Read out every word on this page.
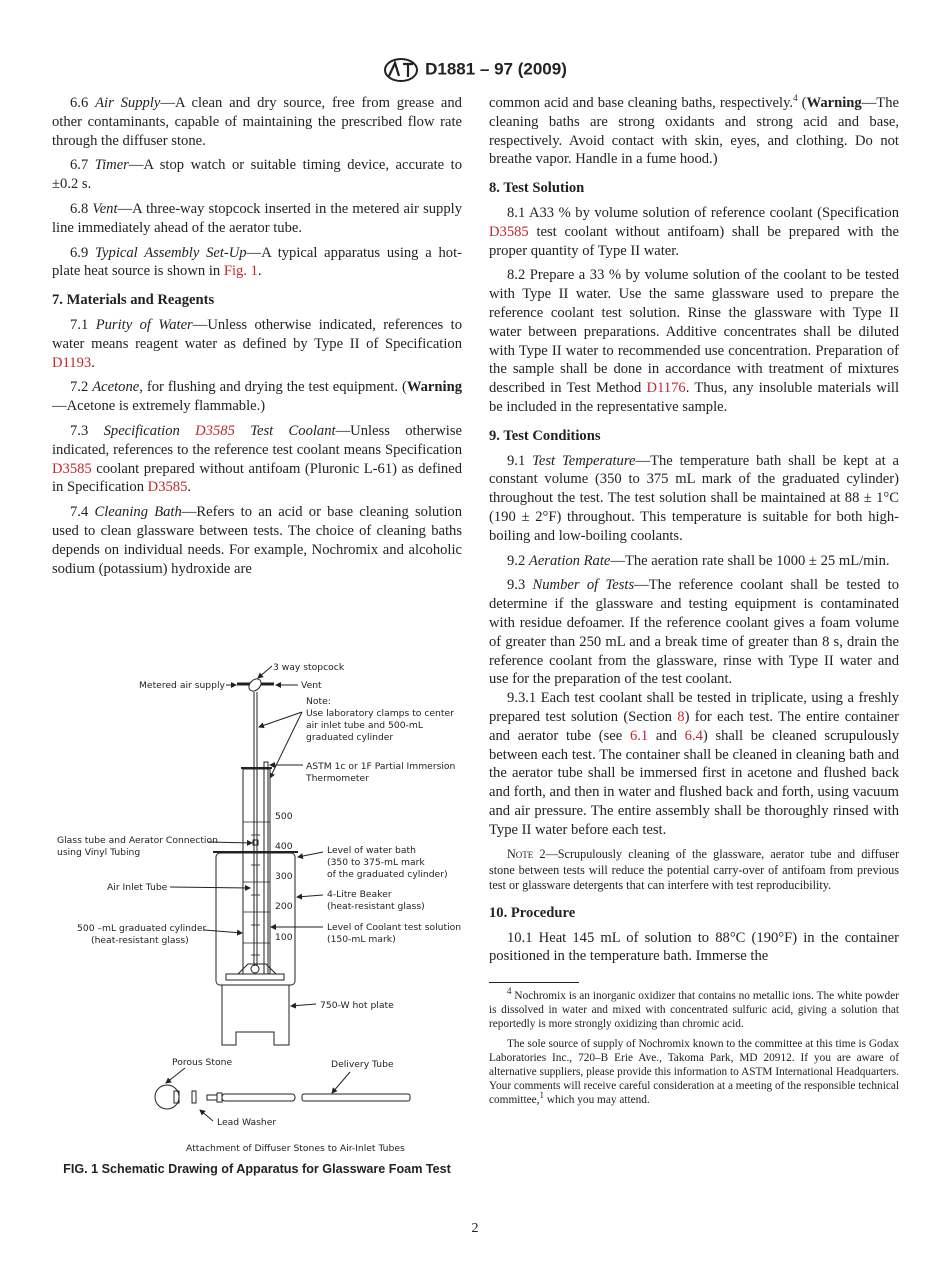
D1881 – 97 (2009)

6.6 Air Supply—A clean and dry source, free from grease and other contaminants, capable of maintaining the prescribed flow rate through the diffuser stone.

6.7 Timer—A stop watch or suitable timing device, accurate to ±0.2 s.

6.8 Vent—A three-way stopcock inserted in the metered air supply line immediately ahead of the aerator tube.

6.9 Typical Assembly Set-Up—A typical apparatus using a hot-plate heat source is shown in Fig. 1.

7. Materials and Reagents

7.1 Purity of Water—Unless otherwise indicated, references to water means reagent water as defined by Type II of Specification D1193.

7.2 Acetone, for flushing and drying the test equipment. (Warning—Acetone is extremely flammable.)

7.3 Specification D3585 Test Coolant—Unless otherwise indicated, references to the reference test coolant means Specification D3585 coolant prepared without antifoam (Pluronic L-61) as defined in Specification D3585.

7.4 Cleaning Bath—Refers to an acid or base cleaning solution used to clean glassware between tests. The choice of cleaning baths depends on individual needs. For example, Nochromix and alcoholic sodium (potassium) hydroxide are

3 way stopcock
Metered air supply	Vent
Note:
Use laboratory clamps to center
air inlet tube and 500-mL
graduated cylinder
ASTM 1c or 1F Partial Immersion
Thermometer
500
400
300
200
100
Glass tube and Aerator Connection
using Vinyl Tubing	Level of water bath
(350 to 375-mL mark
of the graduated cylinder)
Air Inlet Tube
4-Litre Beaker
(heat-resistant glass)
500 –mL graduated cylinder
(heat-resistant glass)
Level of Coolant test solution
(150-mL mark)
750-W hot plate
Porous Stone	Delivery Tube
Lead Washer
Attachment of Diffuser Stones to Air-Inlet Tubes
FIG. 1 Schematic Drawing of Apparatus for Glassware Foam Test

common acid and base cleaning baths, respectively.$^4$ (Warning—The cleaning baths are strong oxidants and strong acid and base, respectively. Avoid contact with skin, eyes, and clothing. Do not breathe vapor. Handle in a fume hood.)

8. Test Solution

8.1 A33 % by volume solution of reference coolant (Specification D3585 test coolant without antifoam) shall be prepared with the proper quantity of Type II water.

8.2 Prepare a 33 % by volume solution of the coolant to be tested with Type II water. Use the same glassware used to prepare the reference coolant test solution. Rinse the glassware with Type II water between preparations. Additive concentrates shall be diluted with Type II water to recommended use concentration. Preparation of the sample shall be done in accordance with treatment of mixtures described in Test Method D1176. Thus, any insoluble materials will be included in the representative sample.

9. Test Conditions

9.1 Test Temperature—The temperature bath shall be kept at a constant volume (350 to 375 mL mark of the graduated cylinder) throughout the test. The test solution shall be maintained at 88 ± 1°C (190 ± 2°F) throughout. This temperature is suitable for both high-boiling and low-boiling coolants.

9.2 Aeration Rate—The aeration rate shall be 1000 ± 25 mL/min.

9.3 Number of Tests—The reference coolant shall be tested to determine if the glassware and testing equipment is contaminated with residue defoamer. If the reference coolant gives a foam volume of greater than 250 mL and a break time of greater than 8 s, drain the reference coolant from the glassware, rinse with Type II water and use for the preparation of the test coolant.

9.3.1 Each test coolant shall be tested in triplicate, using a freshly prepared test solution (Section 8) for each test. The entire container and aerator tube (see 6.1 and 6.4) shall be cleaned scrupulously between each test. The container shall be cleaned in cleaning bath and the aerator tube shall be immersed first in acetone and flushed back and forth, and then in water and flushed back and forth, using vacuum and air pressure. The entire assembly shall be thoroughly rinsed with Type II water before each test.

Note 2—Scrupulously cleaning of the glassware, aerator tube and diffuser stone between tests will reduce the potential carry-over of antifoam from previous test or glassware detergents that can interfere with test reproducibility.

10. Procedure

10.1 Heat 145 mL of solution to 88°C (190°F) in the container positioned in the temperature bath. Immerse the

$^4$ Nochromix is an inorganic oxidizer that contains no metallic ions. The white powder is dissolved in water and mixed with concentrated sulfuric acid, giving a solution that reportedly is more strongly oxidizing than chromic acid.

The sole source of supply of Nochromix known to the committee at this time is Godax Laboratories Inc., 720–B Erie Ave., Takoma Park, MD 20912. If you are aware of alternative suppliers, please provide this information to ASTM International Headquarters. Your comments will receive careful consideration at a meeting of the responsible technical committee,$^1$ which you may attend.

2
